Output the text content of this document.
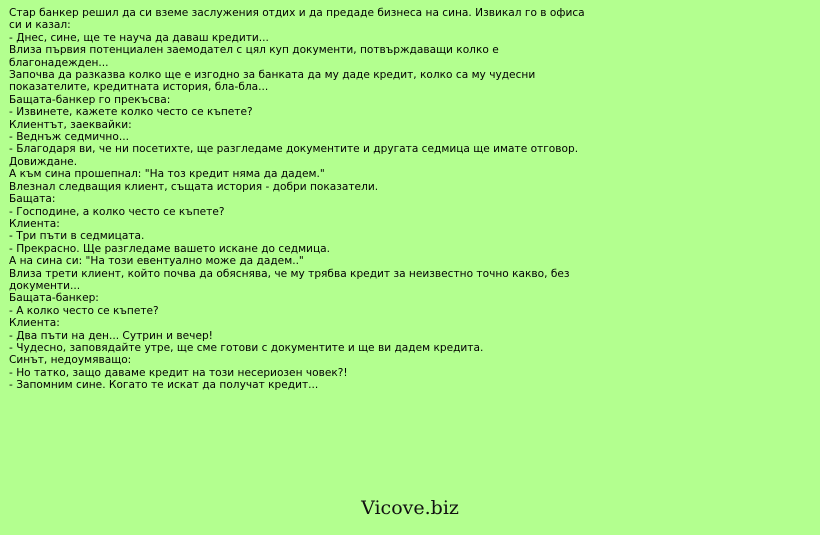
Стар банкер решил да си вземе заслужения отдих и да предаде бизнеса на сина. Извикал го в офиса си и казал:
- Днес, сине, ще те науча да даваш кредити...
Влиза първия потенциален заемодател с цял куп документи, потвърждаващи колко е благонадежден...
Започва да разказва колко ще е изгодно за банката да му даде кредит, колко са му чудесни показателите, кредитната история, бла-бла...
Бащата-банкер го прекъсва:
- Извинете, кажете колко често се къпете?
Клиентът, заеквайки:
- Веднъж седмично...
- Благодаря ви, че ни посетихте, ще разгледаме документите и другата седмица ще имате отговор. Довиждане.
А към сина прошепнал: "На тоз кредит няма да дадем."
Влезнал следващия клиент, същата история - добри показатели.
Бащата:
- Господине, а колко често се къпете?
Клиента:
- Три пъти в седмицата.
- Прекрасно. Ще разгледаме вашето искане до седмица.
А на сина си: "На този евентуално може да дадем.."
Влиза трети клиент, който почва да обяснява, че му трябва кредит за неизвестно точно какво, без документи...
Бащата-банкер:
- А колко често се къпете?
Клиента:
- Два пъти на ден... Сутрин и вечер!
- Чудесно, заповядайте утре, ще сме готови с документите и ще ви дадем кредита.
Синът, недоумяващо:
- Но татко, защо даваме кредит на този несериозен човек?!
- Запомним сине. Когато те искат да получат кредит...
Vicove.biz
